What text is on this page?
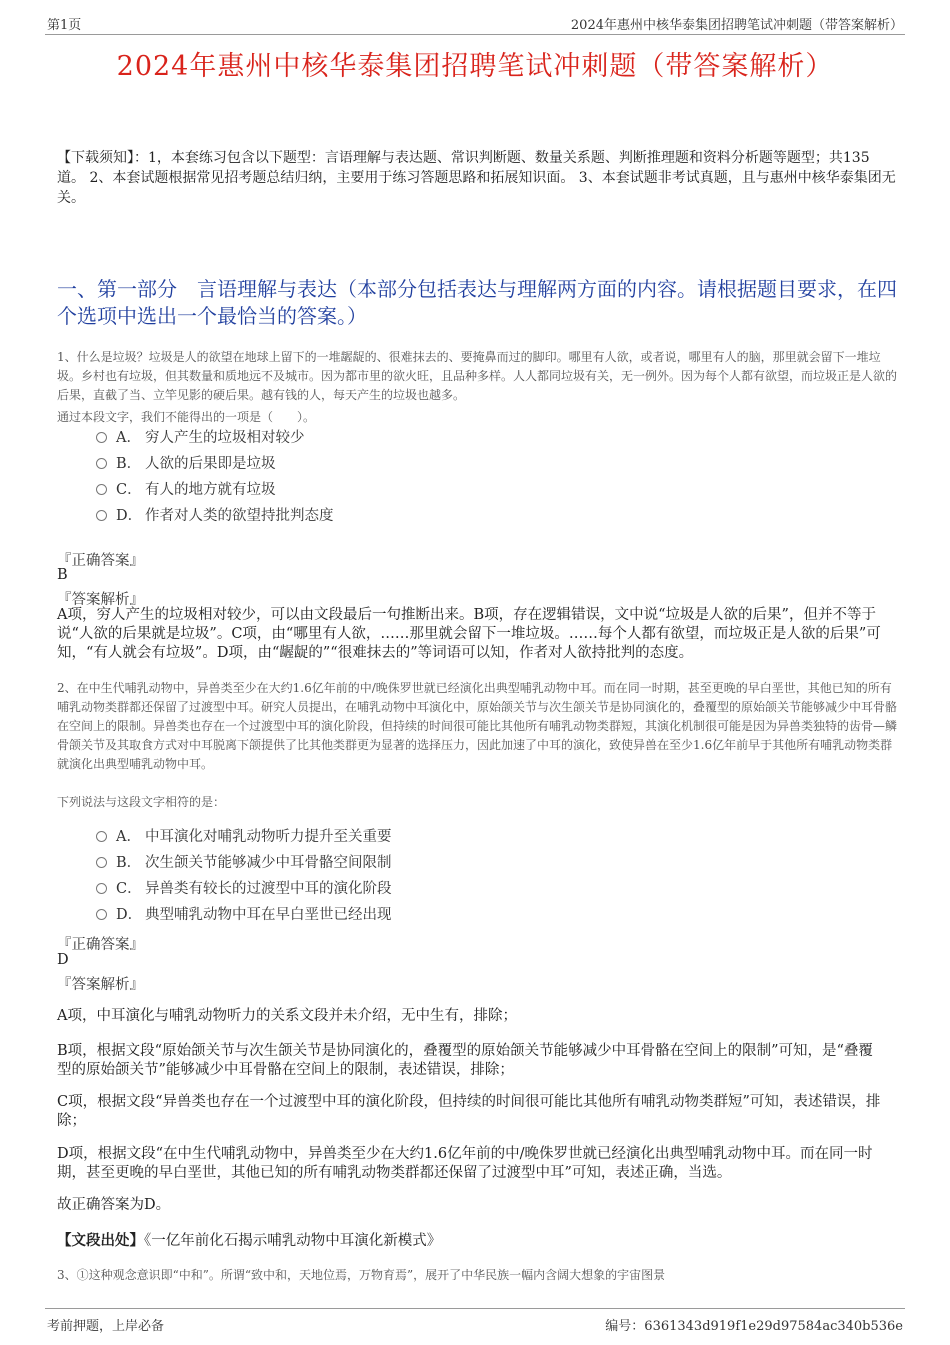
第1页	2024年惠州中核华泰集团招聘笔试冲刺题（带答案解析）
2024年惠州中核华泰集团招聘笔试冲刺题（带答案解析）
【下载须知】：1，本套练习包含以下题型：言语理解与表达题、常识判断题、数量关系题、判断推理题和资料分析题等题型；共135道。 2、本套试题根据常见招考题总结归纳，主要用于练习答题思路和拓展知识面。 3、本套试题非考试真题，且与惠州中核华泰集团无关。
一、第一部分　言语理解与表达（本部分包括表达与理解两方面的内容。请根据题目要求，在四个选项中选出一个最恰当的答案。）
1、什么是垃圾？垃圾是人的欲望在地球上留下的一堆龌龊的、很难抹去的、要掩鼻而过的脚印。哪里有人欲，或者说，哪里有人的脑，那里就会留下一堆垃圾。乡村也有垃圾，但其数量和质地远不及城市。因为都市里的欲火旺，且品种多样。人人都同垃圾有关，无一例外。因为每个人都有欲望，而垃圾正是人欲的后果，直截了当、立竿见影的硬后果。越有钱的人，每天产生的垃圾也越多。
通过本段文字，我们不能得出的一项是（　　）。
A． 穷人产生的垃圾相对较少
B． 人欲的后果即是垃圾
C． 有人的地方就有垃圾
D． 作者对人类的欲望持批判态度
『正确答案』
B
『答案解析』
A项，穷人产生的垃圾相对较少，可以由文段最后一句推断出来。B项，存在逻辑错误，文中说“垃圾是人欲的后果”，但并不等于说“人欲的后果就是垃圾”。C项，由“哪里有人欲，……那里就会留下一堆垃圾。……每个人都有欲望，而垃圾正是人欲的后果”可知，“有人就会有垃圾”。D项，由“龌龊的”“很难抹去的”等词语可以知，作者对人欲持批判的态度。
2、在中生代哺乳动物中，异兽类至少在大约1.6亿年前的中/晚侏罗世就已经演化出典型哺乳动物中耳。而在同一时期，甚至更晚的早白垩世，其他已知的所有哺乳动物类群都还保留了过渡型中耳。研究人员提出，在哺乳动物中耳演化中，原始颌关节与次生颌关节是协同演化的，叠覆型的原始颌关节能够减少中耳骨骼在空间上的限制。异兽类也存在一个过渡型中耳的演化阶段，但持续的时间很可能比其他所有哺乳动物类群短，其演化机制很可能是因为异兽类独特的齿骨—鳞骨颌关节及其取食方式对中耳脱离下颌提供了比其他类群更为显著的选择压力，因此加速了中耳的演化，致使异兽在至少1.6亿年前早于其他所有哺乳动物类群就演化出典型哺乳动物中耳。
下列说法与这段文字相符的是：
A． 中耳演化对哺乳动物听力提升至关重要
B． 次生颌关节能够减少中耳骨骼空间限制
C． 异兽类有较长的过渡型中耳的演化阶段
D． 典型哺乳动物中耳在早白垩世已经出现
『正确答案』
D
『答案解析』
A项，中耳演化与哺乳动物听力的关系文段并未介绍，无中生有，排除；
B项，根据文段“原始颌关节与次生颌关节是协同演化的，叠覆型的原始颌关节能够减少中耳骨骼在空间上的限制”可知，是“叠覆型的原始颌关节”能够减少中耳骨骼在空间上的限制，表述错误，排除；
C项，根据文段“异兽类也存在一个过渡型中耳的演化阶段，但持续的时间很可能比其他所有哺乳动物类群短”可知，表述错误，排除；
D项，根据文段“在中生代哺乳动物中，异兽类至少在大约1.6亿年前的中/晚侏罗世就已经演化出典型哺乳动物中耳。而在同一时期，甚至更晚的早白垩世，其他已知的所有哺乳动物类群都还保留了过渡型中耳”可知，表述正确，当选。
故正确答案为D。
【文段出处】《一亿年前化石揭示哺乳动物中耳演化新模式》
3、①这种观念意识即“中和”。所谓“致中和，天地位焉，万物育焉”，展开了中华民族一幅内含阔大想象的宇宙图景
考前押题，上岸必备	编号：6361343d919f1e29d97584ac340b536e
